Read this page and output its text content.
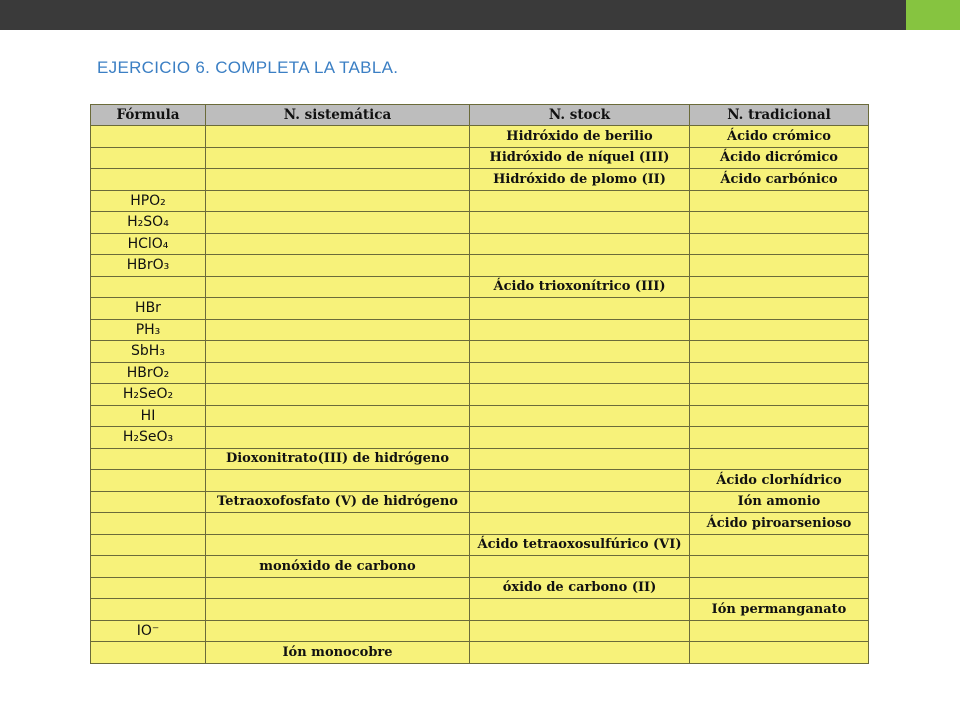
EJERCICIO 6. COMPLETA LA TABLA.
Fórmula	N. sistemática	N. stock	N. tradicional
		Hidróxido de berilio	Ácido crómico
		Hidróxido de níquel (III)	Ácido dicrómico
		Hidróxido de plomo (II)	Ácido carbónico
HPO₂			
H₂SO₄			
HClO₄			
HBrO₃			
		Ácido trioxonítrico (III)	
HBr			
PH₃			
SbH₃			
HBrO₂			
H₂SeO₂			
HI			
H₂SeO₃			
	Dioxonitrato(III) de hidrógeno		
			Ácido clorhídrico
	Tetraoxofosfato (V) de hidrógeno		Ión amonio
			Ácido piroarsenioso
		Ácido tetraoxosulfúrico (VI)	
	monóxido de carbono		
		óxido de carbono (II)	
			Ión permanganato
IO⁻			
	Ión monocobre		
